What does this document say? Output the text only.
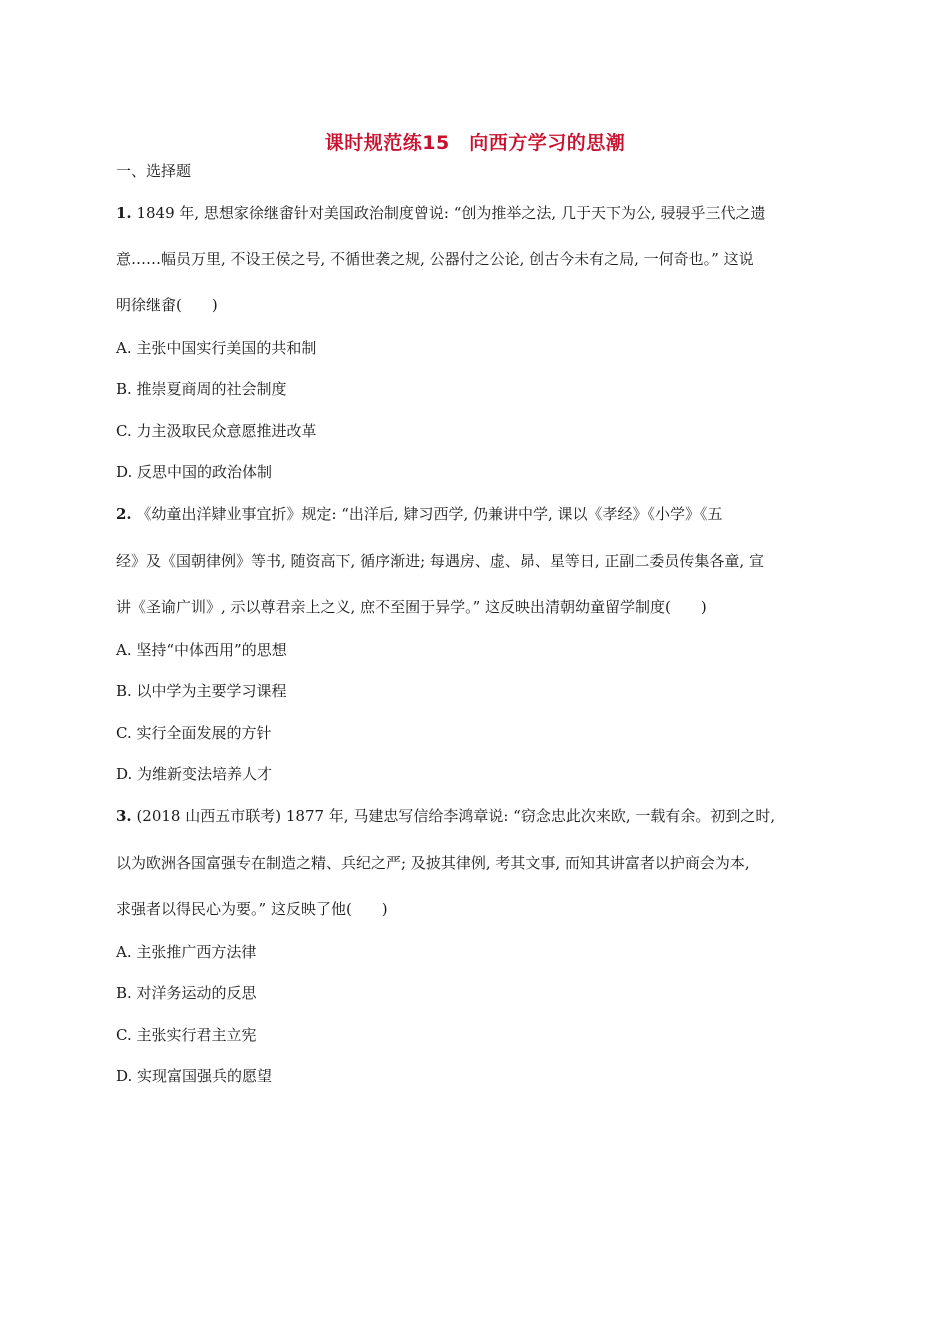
课时规范练15　向西方学习的思潮
一、选择题
1. 1849 年, 思想家徐继畬针对美国政治制度曾说: “创为推举之法, 几于天下为公, 骎骎乎三代之遗
意……幅员万里, 不设王侯之号, 不循世袭之规, 公器付之公论, 创古今未有之局, 一何奇也。” 这说
明徐继畬(　　)
A. 主张中国实行美国的共和制
B. 推崇夏商周的社会制度
C. 力主汲取民众意愿推进改革
D. 反思中国的政治体制
2. 《幼童出洋肄业事宜折》规定: “出洋后, 肄习西学, 仍兼讲中学, 课以《孝经》《小学》《五
经》及《国朝律例》等书, 随资高下, 循序渐进; 每遇房、虚、昴、星等日, 正副二委员传集各童, 宣
讲《圣谕广训》, 示以尊君亲上之义, 庶不至囿于异学。” 这反映出清朝幼童留学制度(　　)
A. 坚持“中体西用”的思想
B. 以中学为主要学习课程
C. 实行全面发展的方针
D. 为维新变法培养人才
3. (2018 山西五市联考) 1877 年, 马建忠写信给李鸿章说: “窃念忠此次来欧, 一载有余。初到之时,
以为欧洲各国富强专在制造之精、兵纪之严; 及披其律例, 考其文事, 而知其讲富者以护商会为本,
求强者以得民心为要。” 这反映了他(　　)
A. 主张推广西方法律
B. 对洋务运动的反思
C. 主张实行君主立宪
D. 实现富国强兵的愿望
